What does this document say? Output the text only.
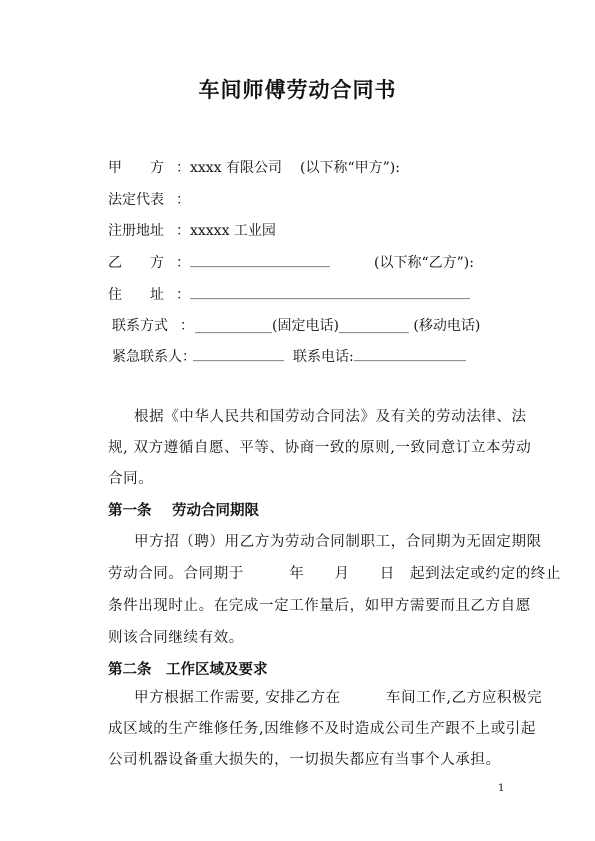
车间师傅劳动合同书
甲　　方 ： xxxx 有限公司 (以下称“甲方”):
法定代表 ：
注册地址 ： xxxxx 工业园
乙　　方 ： ____________________	(以下称“乙方”):
住　　址 ： ________________________________________
联系方式 ： ___________(固定电话)__________ (移动电话)
紧急联系人：
_____________ 联系电话: ________________
根据《中华人民共和国劳动合同法》及有关的劳动法律、法
规, 双方遵循自愿、平等、协商一致的原则,一致同意订立本劳动
合同。
第一条 劳动合同期限
甲方招（聘）用乙方为劳动合同制职工，合同期为无固定期限
劳动合同。合同期于　　　年　　月　　日　起到法定或约定的终止
条件出现时止。在完成一定工作量后，如甲方需要而且乙方自愿
则该合同继续有效。
第二条 工作区域及要求
甲方根据工作需要, 安排乙方在　　　车间工作,乙方应积极完
成区域的生产维修任务,因维修不及时造成公司生产跟不上或引起
公司机器设备重大损失的，一切损失都应有当事个人承担。
1
